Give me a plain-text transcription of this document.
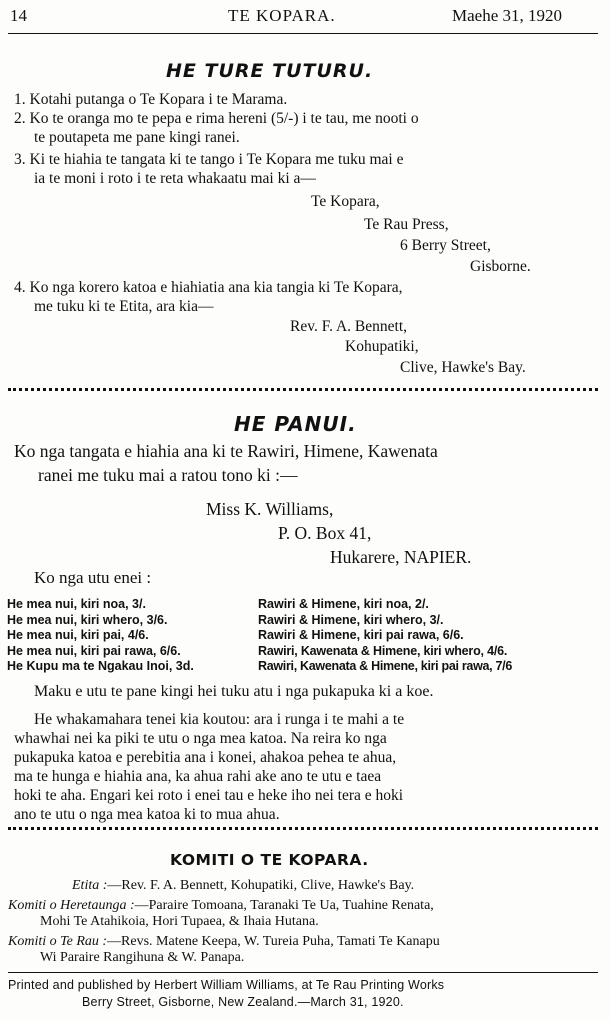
14	TE KOPARA.	Maehe 31, 1920
HE TURE TUTURU.
1. Kotahi putanga o Te Kopara i te Marama.
2. Ko te oranga mo te pepa e rima hereni (5/-) i te tau, me nooti o
te poutapeta me pane kingi ranei.
3. Ki te hiahia te tangata ki te tango i Te Kopara me tuku mai e
ia te moni i roto i te reta whakaatu mai ki a—
Te Kopara,
Te Rau Press,
6 Berry Street,
Gisborne.
4. Ko nga korero katoa e hiahiatia ana kia tangia ki Te Kopara,
me tuku ki te Etita, ara kia—
Rev. F. A. Bennett,
Kohupatiki,
Clive, Hawke's Bay.
HE PANUI.
Ko nga tangata e hiahia ana ki te Rawiri, Himene, Kawenata
ranei me tuku mai a ratou tono ki :—
Miss K. Williams,
P. O. Box 41,
Hukarere, NAPIER.
Ko nga utu enei :
He mea nui, kiri noa, 3/.
He mea nui, kiri whero, 3/6.
He mea nui, kiri pai, 4/6.
He mea nui, kiri pai rawa, 6/6.
He Kupu ma te Ngakau Inoi, 3d.
Rawiri & Himene, kiri noa, 2/.
Rawiri & Himene, kiri whero, 3/.
Rawiri & Himene, kiri pai rawa, 6/6.
Rawiri, Kawenata & Himene, kiri whero, 4/6.
Rawiri, Kawenata & Himene, kiri pai rawa, 7/6
Maku e utu te pane kingi hei tuku atu i nga pukapuka ki a koe.
He whakamahara tenei kia koutou: ara i runga i te mahi a te
whawhai nei ka piki te utu o nga mea katoa. Na reira ko nga
pukapuka katoa e perebitia ana i konei, ahakoa pehea te ahua,
ma te hunga e hiahia ana, ka ahua rahi ake ano te utu e taea
hoki te aha. Engari kei roto i enei tau e heke iho nei tera e hoki
ano te utu o nga mea katoa ki to mua ahua.
KOMITI O TE KOPARA.
Etita :—Rev. F. A. Bennett, Kohupatiki, Clive, Hawke's Bay.
Komiti o Heretaunga :—Paraire Tomoana, Taranaki Te Ua, Tuahine Renata,
Mohi Te Atahikoia, Hori Tupaea, & Ihaia Hutana.
Komiti o Te Rau :—Revs. Matene Keepa, W. Tureia Puha, Tamati Te Kanapu
Wi Paraire Rangihuna & W. Panapa.
Printed and published by Herbert William Williams, at Te Rau Printing Works
Berry Street, Gisborne, New Zealand.—March 31, 1920.
